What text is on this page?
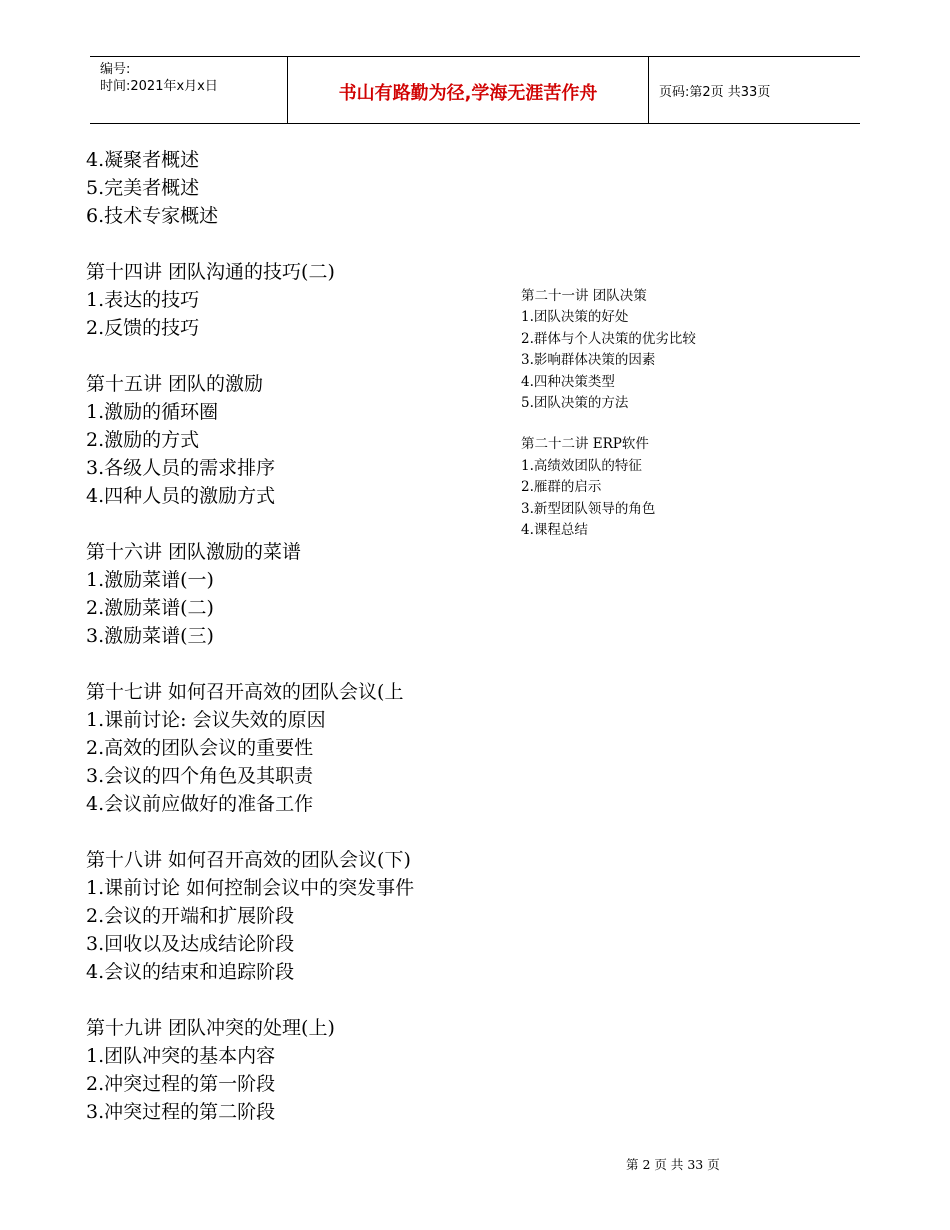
编号:
时间:2021年x月x日	书山有路勤为径,学海无涯苦作舟	页码:第2页 共33页
4.凝聚者概述
5.完美者概述
6.技术专家概述
第十四讲 团队沟通的技巧(二)
1.表达的技巧
2.反馈的技巧
第十五讲 团队的激励
1.激励的循环圈
2.激励的方式
3.各级人员的需求排序
4.四种人员的激励方式
第十六讲 团队激励的菜谱
1.激励菜谱(一)
2.激励菜谱(二)
3.激励菜谱(三)
第十七讲 如何召开高效的团队会议(上
1.课前讨论: 会议失效的原因
2.高效的团队会议的重要性
3.会议的四个角色及其职责
4.会议前应做好的准备工作
第十八讲 如何召开高效的团队会议(下)
1.课前讨论 如何控制会议中的突发事件
2.会议的开端和扩展阶段
3.回收以及达成结论阶段
4.会议的结束和追踪阶段
第十九讲 团队冲突的处理(上)
1.团队冲突的基本内容
2.冲突过程的第一阶段
3.冲突过程的第二阶段
第二十一讲 团队决策
1.团队决策的好处
2.群体与个人决策的优劣比较
3.影响群体决策的因素
4.四种决策类型
5.团队决策的方法
第二十二讲 ERP软件
1.高绩效团队的特征
2.雁群的启示
3.新型团队领导的角色
4.课程总结
第 2 页 共 33 页
